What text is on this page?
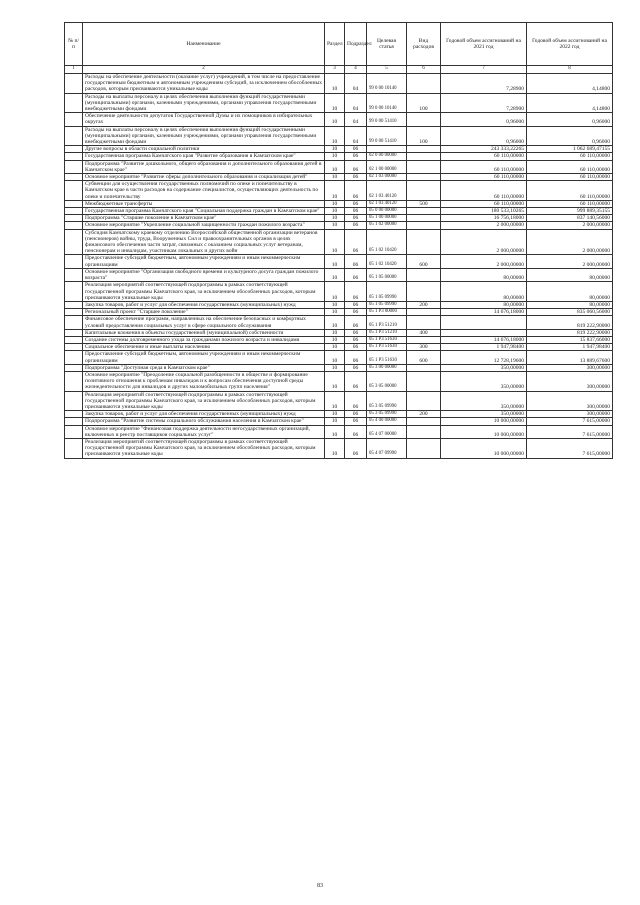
№ п/п	Наименование	Раздел	Подраздел	Целевая статья	Вид расходов	Годовой объем ассигнований на 2021 год	Годовой объем ассигнований на 2022 год
1	2	3	4	5	6	7	8
	Расходы на обеспечение деятельности (оказание услуг) учреждений, в том числе на предоставление государственным бюджетным и автономным учреждениям субсидий, за исключением обособленных расходов, которым присваиваются уникальные коды	10	04	99 0 00 10140		7,28900	4,14800
	Расходы на выплаты персоналу в целях обеспечения выполнения функций государственными (муниципальными) органами, казенными учреждениями, органами управления государственными внебюджетными фондами	10	04	99 0 00 10140	100	7,28900	4,14800
	Обеспечение деятельности депутатов Государственной Думы и их помощников в избирательных округах	10	04	99 0 00 51410		0,96000	0,96000
	Расходы на выплаты персоналу в целях обеспечения выполнения функций государственными (муниципальными) органами, казенными учреждениями, органами управления государственными внебюджетными фондами	10	04	99 0 00 51410	100	0,96000	0,96000
	Другие вопросы в области социальной политики	10	06			243 333,22265	1 062 689,47155
	Государственная программа Камчатского края "Развитие образования в Камчатском крае"	10	06	02 0 00 00000		60 110,00000	60 110,00000
	Подпрограмма "Развитие дошкольного, общего образования и дополнительного образования детей в Камчатском крае"	10	06	02 1 00 00000		60 110,00000	60 110,00000
	Основное мероприятие "Развитие сферы дополнительного образования и социализация детей"	10	06	02 1 03 00000		60 110,00000	60 110,00000
	Субвенции для осуществления государственных полномочий по опеке и попечительству в Камчатском крае в части расходов на содержание специалистов, осуществляющих деятельность по опеке и попечительству	10	06	02 1 03 40120		60 110,00000	60 110,00000
	Межбюджетные трансферты	10	06	02 1 03 40120	500	60 110,00000	60 110,00000
	Государственная программа Камчатского края "Социальная поддержка граждан в Камчатском крае"	10	06	05 0 00 00000		180 533,10265	999 889,35155
	Подпрограмма "Старшее поколение в Камчатском крае"	10	06	05 1 00 00000		16 756,18000	837 140,56000
	Основное мероприятие "Укрепление социальной защищенности граждан пожилого возраста"	10	06	05 1 02 00000		2 000,00000	2 000,00000
	Субсидия Камчатскому краевому отделению Всероссийской общественной организации ветеранов (пенсионеров) войны, труда, Вооруженных Сил и правоохранительных органов в целях финансового обеспечения части затрат, связанных с оказанием социальных услуг ветеранам, пенсионерам и инвалидам, участникам локальных и других войн	10	06	05 1 02 10420		2 000,00000	2 000,00000
	Предоставление субсидий бюджетным, автономным учреждениям и иным некоммерческим организациям	10	06	05 1 02 10420	600	2 000,00000	2 000,00000
	Основное мероприятие "Организация свободного времени и культурного досуга граждан пожилого возраста"	10	06	05 1 05 00000		80,00000	80,00000
	Реализация мероприятий соответствующей подпрограммы в рамках соответствующей государственной программы Камчатского края, за исключением обособленных расходов, которым присваиваются уникальные коды	10	06	05 1 05 09990		80,00000	80,00000
	Закупка товаров, работ и услуг для обеспечения государственных (муниципальных) нужд	10	06	05 1 05 09990	200	80,00000	80,00000
	Региональный проект "Старшее поколение"	10	06	05 1 P3 00000		14 676,18000	835 060,56000
	Финансовое обеспечение программ, направленных на обеспечение безопасных и комфортных условий предоставления социальных услуг в сфере социального обслуживания	10	06	05 1 P3 51210			819 222,90000
	Капитальные вложения в объекты государственной (муниципальной) собственности	10	06	05 1 P3 51210	400		819 222,90000
	Создание системы долговременного ухода за гражданами пожилого возраста и инвалидами	10	06	05 1 P3 51630		14 676,18000	15 837,66000
	Социальное обеспечение и иные выплаты населению	10	06	05 1 P3 51630	300	1 947,98400	1 947,98400
	Предоставление субсидий бюджетным, автономным учреждениям и иным некоммерческим организациям	10	06	05 1 P3 51630	600	12 728,19600	13 889,67600
	Подпрограмма "Доступная среда в Камчатском крае"	10	06	05 3 00 00000		350,00000	300,00000
	Основное мероприятие "Преодоление социальной разобщенности в обществе и формирование позитивного отношения к проблемам инвалидов и к вопросам обеспечения доступной среды жизнедеятельности для инвалидов и других маломобильных групп населения"	10	06	05 3 05 00000		350,00000	300,00000
	Реализация мероприятий соответствующей подпрограммы в рамках соответствующей государственной программы Камчатского края, за исключением обособленных расходов, которым присваиваются уникальные коды	10	06	05 3 05 09990		350,00000	300,00000
	Закупка товаров, работ и услуг для обеспечения государственных (муниципальных) нужд	10	06	05 3 05 09990	200	350,00000	300,00000
	Подпрограмма "Развитие системы социального обслуживания населения в Камчатском крае"	10	06	05 4 00 00000		10 000,00000	7 615,00000
	Основное мероприятие "Финансовая поддержка деятельности негосударственных организаций, включенных в реестр поставщиков социальных услуг"	10	06	05 4 07 00000		10 000,00000	7 615,00000
	Реализация мероприятий соответствующей подпрограммы в рамках соответствующей государственной программы Камчатского края, за исключением обособленных расходов, которым присваиваются уникальные коды	10	06	05 4 07 09990		10 000,00000	7 615,00000
83
